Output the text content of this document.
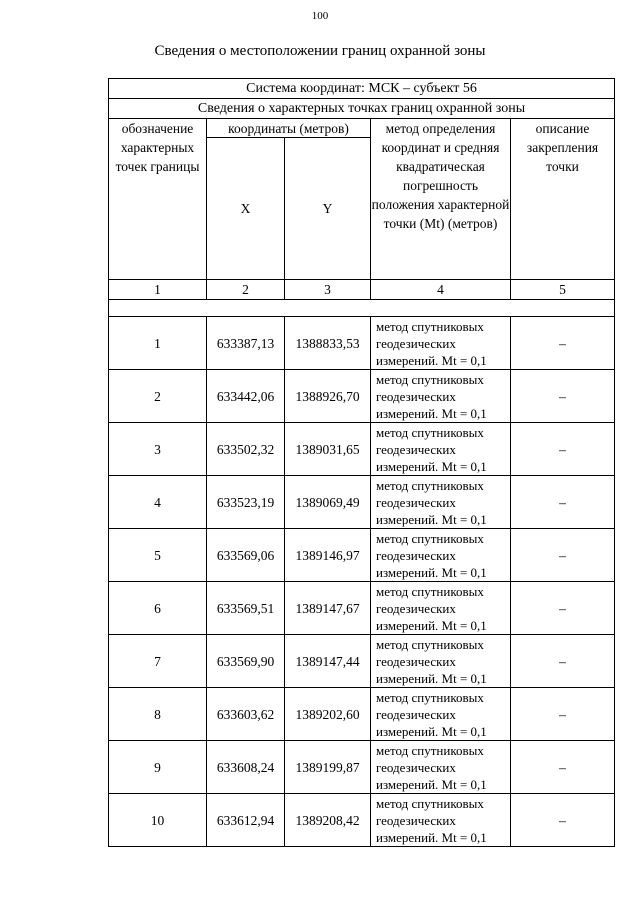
100
Сведения о местоположении границ охранной зоны
Система координат: МСК – субъект 56				
Сведения о характерных точках границ охранной зоны				
обозначение характерных точек границы	координаты (метров)		метод определения координат и средняя квадратическая погрешность положения характерной точки (Mt) (метров)	описание закрепления точки
	X	Y		
1	2	3	4	5

1	633387,13	1388833,53	метод спутниковых геодезических измерений. Mt = 0,1	–
2	633442,06	1388926,70	метод спутниковых геодезических измерений. Mt = 0,1	–
3	633502,32	1389031,65	метод спутниковых геодезических измерений. Mt = 0,1	–
4	633523,19	1389069,49	метод спутниковых геодезических измерений. Mt = 0,1	–
5	633569,06	1389146,97	метод спутниковых геодезических измерений. Mt = 0,1	–
6	633569,51	1389147,67	метод спутниковых геодезических измерений. Mt = 0,1	–
7	633569,90	1389147,44	метод спутниковых геодезических измерений. Mt = 0,1	–
8	633603,62	1389202,60	метод спутниковых геодезических измерений. Mt = 0,1	–
9	633608,24	1389199,87	метод спутниковых геодезических измерений. Mt = 0,1	–
10	633612,94	1389208,42	метод спутниковых геодезических измерений. Mt = 0,1	–
